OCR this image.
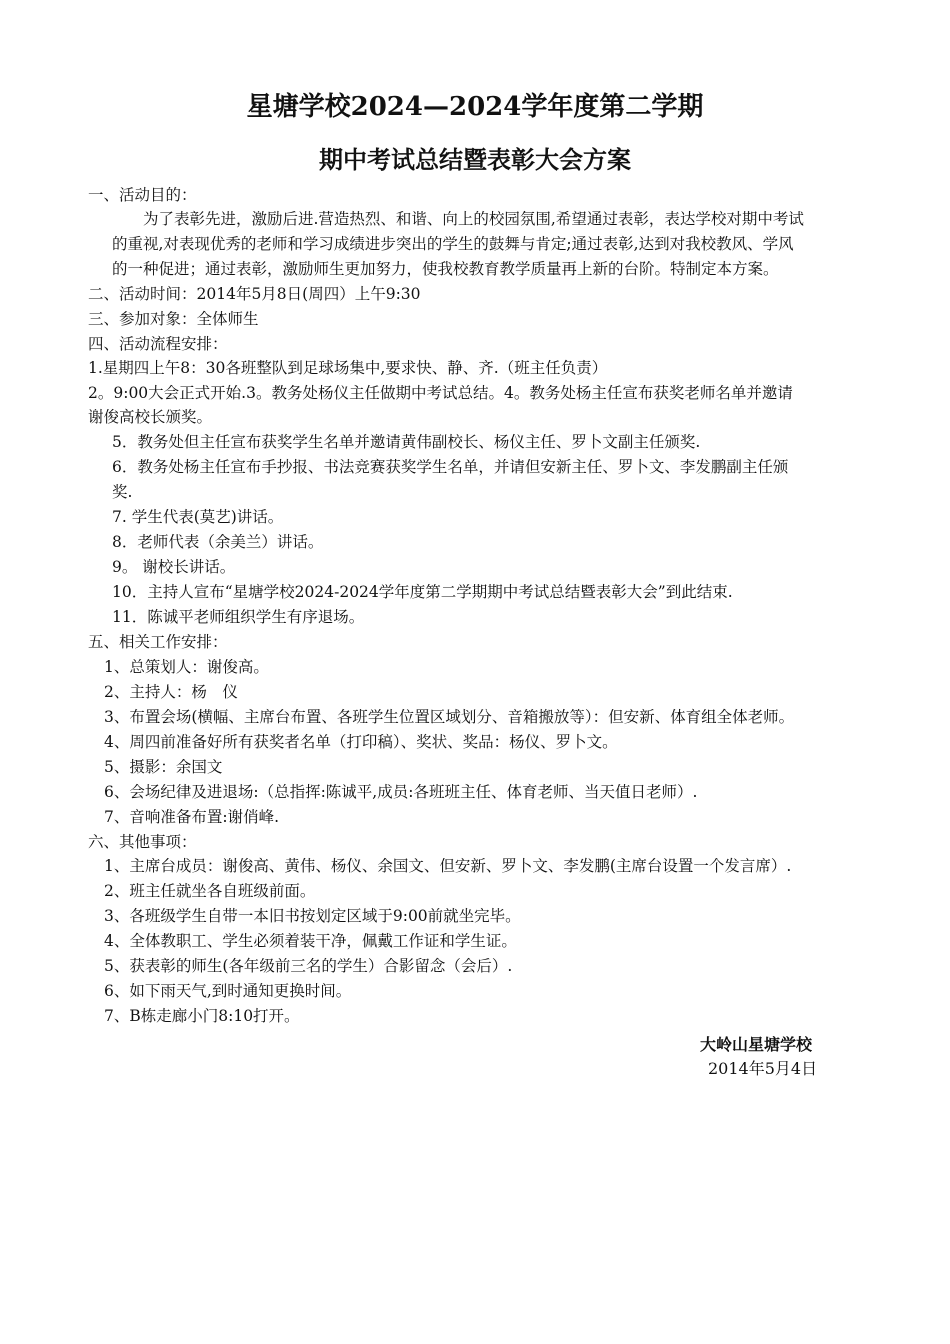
星塘学校2024—2024学年度第二学期
期中考试总结暨表彰大会方案
一、活动目的：
为了表彰先进，激励后进.营造热烈、和谐、向上的校园氛围,希望通过表彰，表达学校对期中考试
的重视,对表现优秀的老师和学习成绩进步突出的学生的鼓舞与肯定;通过表彰,达到对我校教风、学风
的一种促进；通过表彰，激励师生更加努力，使我校教育教学质量再上新的台阶。特制定本方案。
二、活动时间：2014年5月8日(周四）上午9:30
三、参加对象：全体师生
四、活动流程安排：
1.星期四上午8：30各班整队到足球场集中,要求快、静、齐.（班主任负责）
2。9:00大会正式开始.3。教务处杨仪主任做期中考试总结。4。教务处杨主任宣布获奖老师名单并邀请
谢俊高校长颁奖。
5．教务处但主任宣布获奖学生名单并邀请黄伟副校长、杨仪主任、罗卜文副主任颁奖.
6．教务处杨主任宣布手抄报、书法竞赛获奖学生名单，并请但安新主任、罗卜文、李发鹏副主任颁
奖.
7. 学生代表(莫艺)讲话。
8．老师代表（余美兰）讲话。
9。 谢校长讲话。
10．主持人宣布“星塘学校2024-2024学年度第二学期期中考试总结暨表彰大会”到此结束.
11．陈诚平老师组织学生有序退场。
五、相关工作安排：
1、总策划人：谢俊高。
2、主持人：杨　仪
3、布置会场(横幅、主席台布置、各班学生位置区域划分、音箱搬放等）：但安新、体育组全体老师。
4、周四前准备好所有获奖者名单（打印稿）、奖状、奖品：杨仪、罗卜文。
5、摄影：余国文
6、会场纪律及进退场:（总指挥:陈诚平,成员:各班班主任、体育老师、当天值日老师）.
7、音响准备布置:谢俏峰.
六、其他事项：
1、主席台成员：谢俊高、黄伟、杨仪、余国文、但安新、罗卜文、李发鹏(主席台设置一个发言席）.
2、班主任就坐各自班级前面。
3、各班级学生自带一本旧书按划定区域于9:00前就坐完毕。
4、全体教职工、学生必须着装干净，佩戴工作证和学生证。
5、获表彰的师生(各年级前三名的学生）合影留念（会后）.
6、如下雨天气,到时通知更换时间。
7、B栋走廊小门8:10打开。
大岭山星塘学校
2014年5月4日
